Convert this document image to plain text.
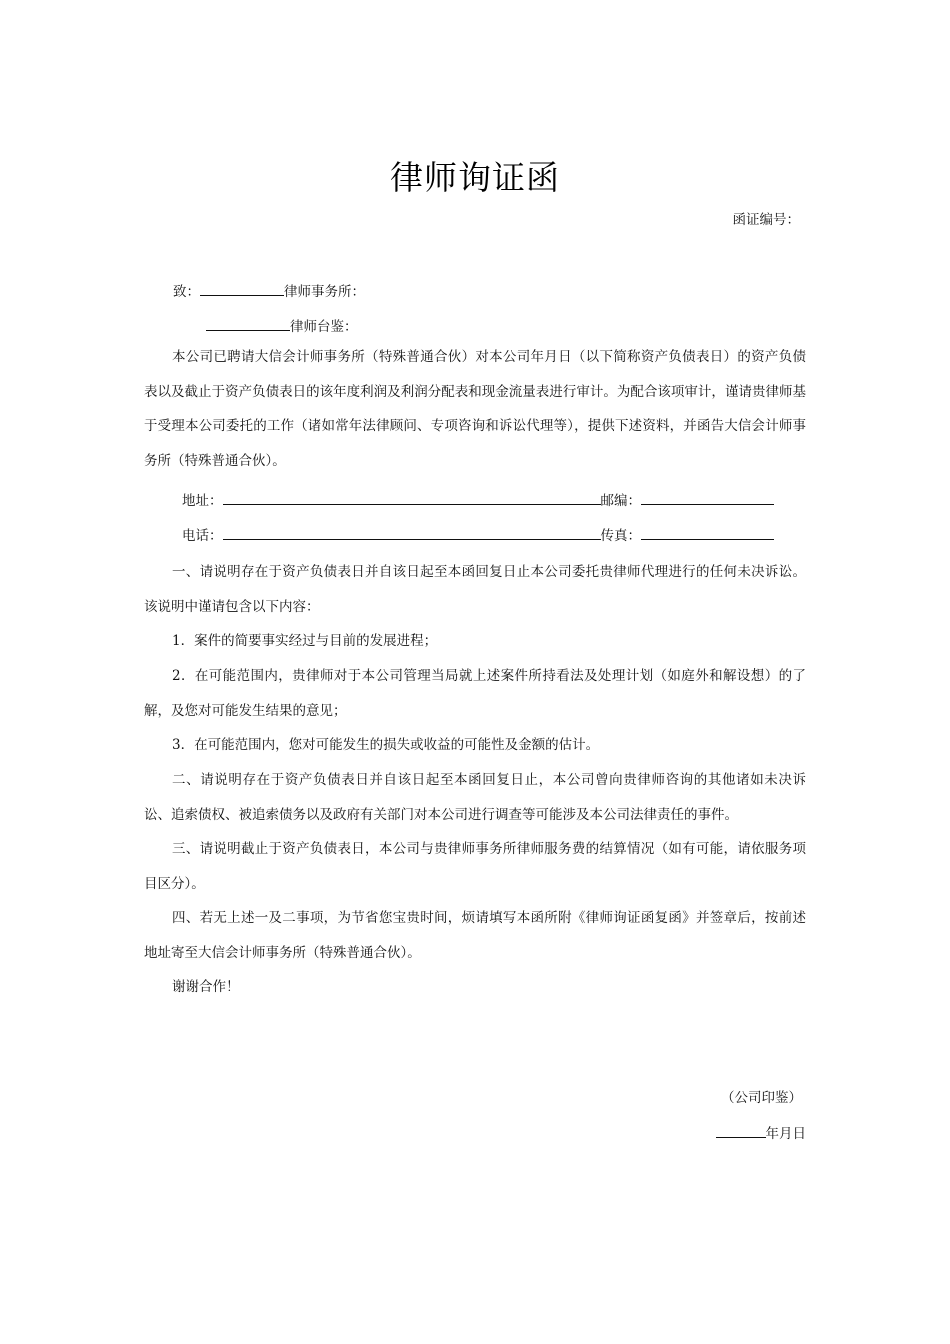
律师询证函
函证编号：
致：	律师事务所：
律师台鉴：

本公司已聘请大信会计师事务所（特殊普通合伙）对本公司年月日（以下简称资产负债表日）的资产负债表以及截止于资产负债表日的该年度利润及利润分配表和现金流量表进行审计。为配合该项审计，谨请贵律师基于受理本公司委托的工作（诸如常年法律顾问、专项咨询和诉讼代理等），提供下述资料，并函告大信会计师事务所（特殊普通合伙）。

地址：	邮编：
电话：	传真：

一、请说明存在于资产负债表日并自该日起至本函回复日止本公司委托贵律师代理进行的任何未决诉讼。该说明中谨请包含以下内容：

1．案件的简要事实经过与目前的发展进程；

2．在可能范围内，贵律师对于本公司管理当局就上述案件所持看法及处理计划（如庭外和解设想）的了解，及您对可能发生结果的意见；

3．在可能范围内，您对可能发生的损失或收益的可能性及金额的估计。

二、请说明存在于资产负债表日并自该日起至本函回复日止，本公司曾向贵律师咨询的其他诸如未决诉讼、追索债权、被追索债务以及政府有关部门对本公司进行调查等可能涉及本公司法律责任的事件。

三、请说明截止于资产负债表日，本公司与贵律师事务所律师服务费的结算情况（如有可能，请依服务项目区分）。

四、若无上述一及二事项，为节省您宝贵时间，烦请填写本函所附《律师询证函复函》并签章后，按前述地址寄至大信会计师事务所（特殊普通合伙）。

谢谢合作！

（公司印鉴）
年月日
